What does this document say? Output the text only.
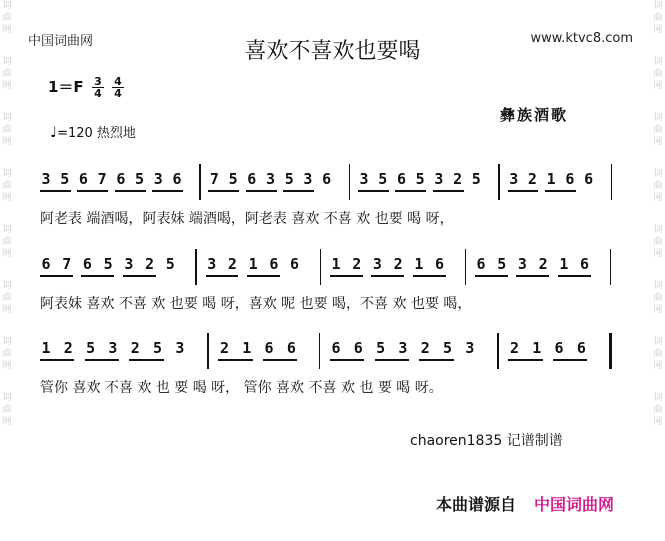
词
曲
网
词
曲
网
词
曲
网
词
曲
网
词
曲
网
词
曲
网
词
曲
网
词
曲
网
词
曲
网
词
曲
网
词
曲
网
词
曲
网
词
曲
网
词
曲
网
词
曲
网
词
曲
网
中国词曲网	www.ktvc8.com
喜欢不喜欢也要喝
$1=F \frac{3}{4} \frac{4}{4}$
彝族酒歌
♩=120 热烈地
3 5 6 7 6 5 3 6 7 5 6 3 5 3 6 3 5 6 5 3 2 5 3 2 1 6 6
阿老表 端酒喝，阿表妹 端酒喝，阿老表 喜欢 不喜 欢 也要 喝 呀，
6 7 6 5 3 2 5 3 2 1 6 6 1 2 3 2 1 6 6 5 3 2 1 6
阿表妹 喜欢 不喜 欢 也要 喝 呀，喜欢 呢 也要 喝，不喜 欢 也要 喝，
1 2 5 3 2 5 3 2 1 6 6 6 6 5 3 2 5 3 2 1 6 6
管你 喜欢 不喜 欢 也 要 喝 呀， 管你 喜欢 不喜 欢 也 要 喝 呀。
chaoren1835 记谱制谱
本曲谱源自 中国词曲网
